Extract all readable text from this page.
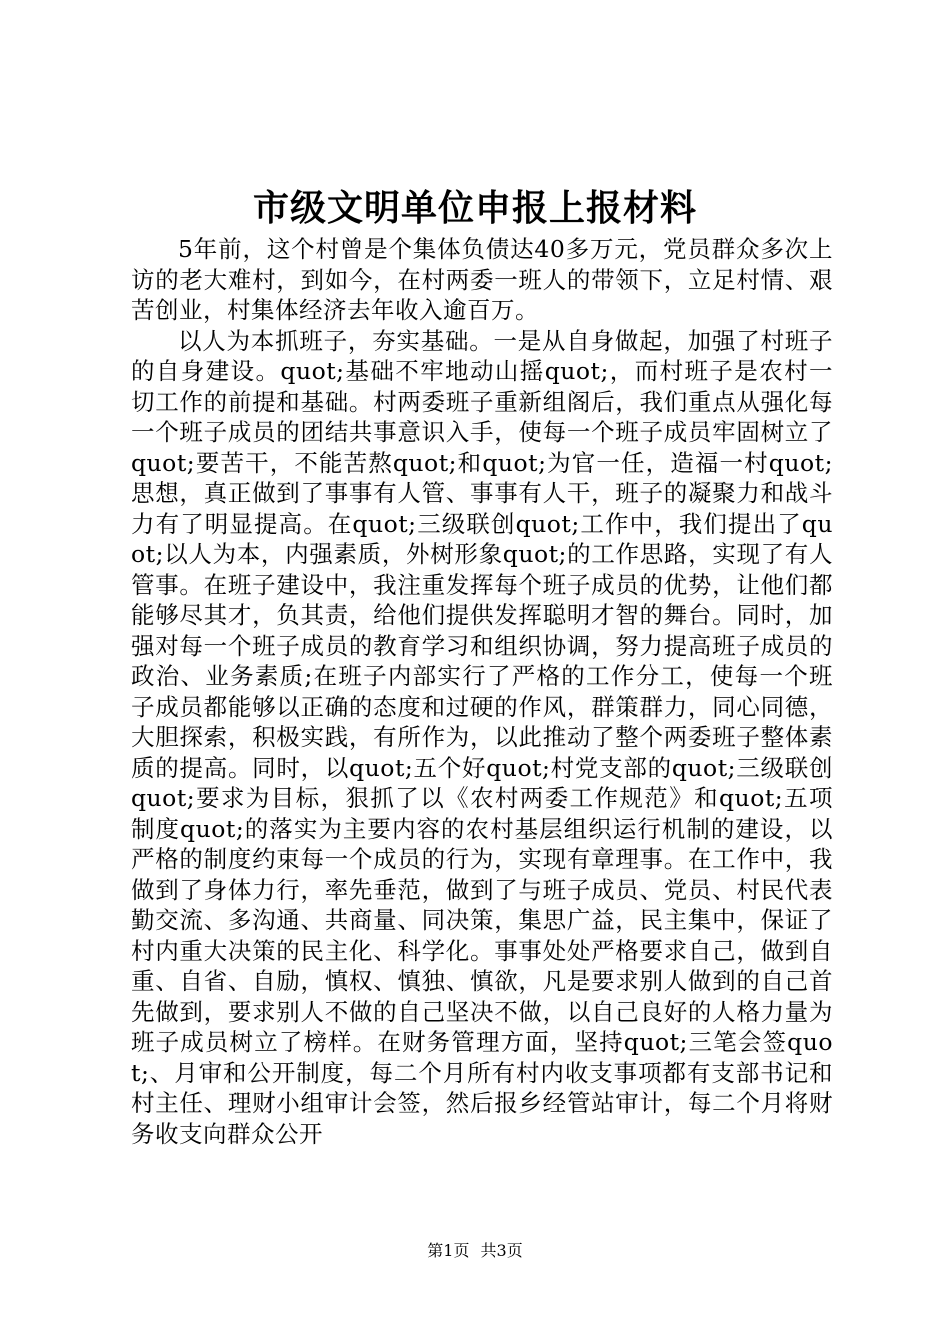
市级文明单位申报上报材料

5年前，这个村曾是个集体负债达40多万元，党员群众多次上访的老大难村，到如今，在村两委一班人的带领下，立足村情、艰苦创业，村集体经济去年收入逾百万。

以人为本抓班子，夯实基础。一是从自身做起，加强了村班子的自身建设。quot;基础不牢地动山摇quot;，而村班子是农村一切工作的前提和基础。村两委班子重新组阁后，我们重点从强化每一个班子成员的团结共事意识入手，使每一个班子成员牢固树立了quot;要苦干，不能苦熬quot;和quot;为官一任，造福一村quot;思想，真正做到了事事有人管、事事有人干，班子的凝聚力和战斗力有了明显提高。在quot;三级联创quot;工作中，我们提出了quot;以人为本，内强素质，外树形象quot;的工作思路，实现了有人管事。在班子建设中，我注重发挥每个班子成员的优势，让他们都能够尽其才，负其责，给他们提供发挥聪明才智的舞台。同时，加强对每一个班子成员的教育学习和组织协调，努力提高班子成员的政治、业务素质;在班子内部实行了严格的工作分工，使每一个班子成员都能够以正确的态度和过硬的作风，群策群力，同心同德，大胆探索，积极实践，有所作为，以此推动了整个两委班子整体素质的提高。同时，以quot;五个好quot;村党支部的quot;三级联创quot;要求为目标，狠抓了以《农村两委工作规范》和quot;五项制度quot;的落实为主要内容的农村基层组织运行机制的建设，以严格的制度约束每一个成员的行为，实现有章理事。在工作中，我做到了身体力行，率先垂范，做到了与班子成员、党员、村民代表勤交流、多沟通、共商量、同决策，集思广益，民主集中，保证了村内重大决策的民主化、科学化。事事处处严格要求自己，做到自重、自省、自励，慎权、慎独、慎欲，凡是要求别人做到的自己首先做到，要求别人不做的自己坚决不做，以自己良好的人格力量为班子成员树立了榜样。在财务管理方面，坚持quot;三笔会签quot;、月审和公开制度，每二个月所有村内收支事项都有支部书记和村主任、理财小组审计会签，然后报乡经管站审计，每二个月将财务收支向群众公开

第1页 共3页
